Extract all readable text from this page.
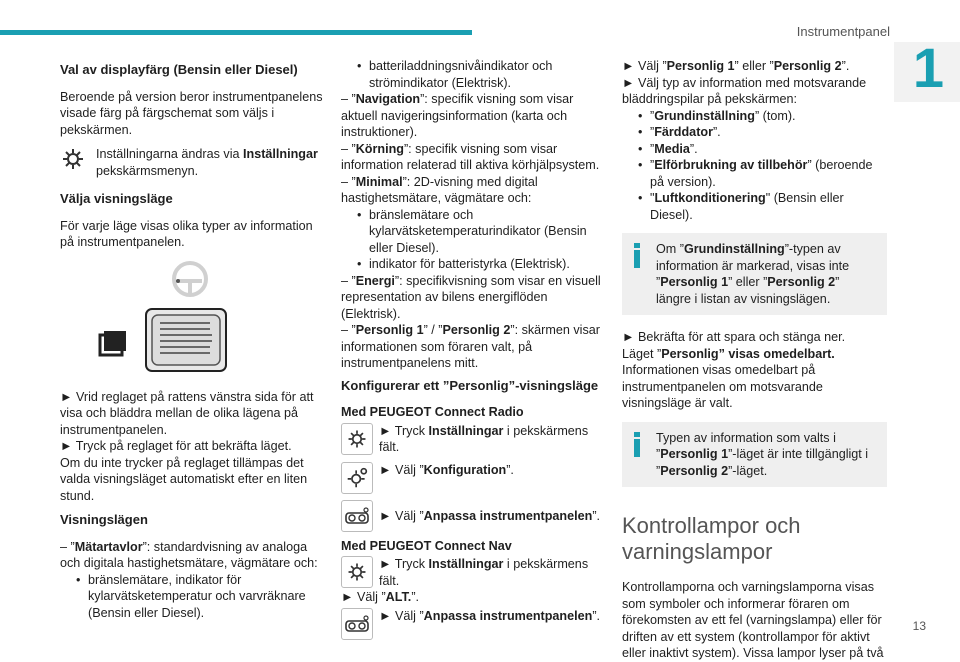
Instrumentpanel
1
13
Val av displayfärg (Bensin eller Diesel)

Beroende på version beror instrumentpanelens visade färg på färgschemat som väljs i pekskärmen.

Inställningarna ändras via Inställningar pekskärmsmenyn.
Välja visningsläge

För varje läge visas olika typer av information på instrumentpanelen.

► Vrid reglaget på rattens vänstra sida för att visa och bläddra mellan de olika lägena på instrumentpanelen.

► Tryck på reglaget för att bekräfta läget.

Om du inte trycker på reglaget tillämpas det valda visningsläget automatiskt efter en liten stund.

Visningslägen
– ”Mätartavlor”: standardvisning av analoga och digitala hastighetsmätare, vägmätare och:
• bränslemätare, indikator för kylarvätsketemperatur och varvräknare (Bensin eller Diesel).
• batteriladdningsnivåindikator och strömindikator (Elektrisk).
– ”Navigation”: specifik visning som visar aktuell navigeringsinformation (karta och instruktioner).
– ”Körning”: specifik visning som visar information relaterad till aktiva körhjälpsystem.
– ”Minimal”: 2D-visning med digital hastighetsmätare, vägmätare och:
• bränslemätare och kylarvätsketemperaturindikator (Bensin eller Diesel).
• indikator för batteristyrka (Elektrisk).
– ”Energi”: specifikvisning som visar en visuell representation av bilens energiflöden (Elektrisk).
– ”Personlig 1” / ”Personlig 2”: skärmen visar informationen som föraren valt, på instrumentpanelens mitt.
Konfigurerar ett ”Personlig”-visningsläge
Med PEUGEOT Connect Radio
► Tryck Inställningar i pekskärmens fält.
► Välj ”Konfiguration”.
► Välj ”Anpassa instrumentpanelen”.
Med PEUGEOT Connect Nav
► Tryck Inställningar i pekskärmens fält.
► Välj ”ALT.”.
► Välj ”Anpassa instrumentpanelen”.
► Välj ”Personlig 1” eller ”Personlig 2”.
► Välj typ av information med motsvarande bläddringspilar på pekskärmen:
• ”Grundinställning” (tom).
• ”Färddator”.
• ”Media”.
• ”Elförbrukning av tillbehör” (beroende på version).
• "Luftkonditionering" (Bensin eller Diesel).
Om ”Grundinställning”-typen av information är markerad, visas inte ”Personlig 1” eller ”Personlig 2” längre i listan av visningslägen.
► Bekräfta för att spara och stänga ner.
Läget ”Personlig” visas omedelbart.
Informationen visas omedelbart på instrumentpanelen om motsvarande visningsläge är valt.
Typen av information som valts i ”Personlig 1”-läget är inte tillgängligt i ”Personlig 2”-läget.
Kontrollampor och varningslampor
Kontrollamporna och varningslamporna visas som symboler och informerar föraren om förekomsten av ett fel (varningslampa) eller för driften av ett system (kontrollampor för aktivt eller inaktivt system). Vissa lampor lyser på två
